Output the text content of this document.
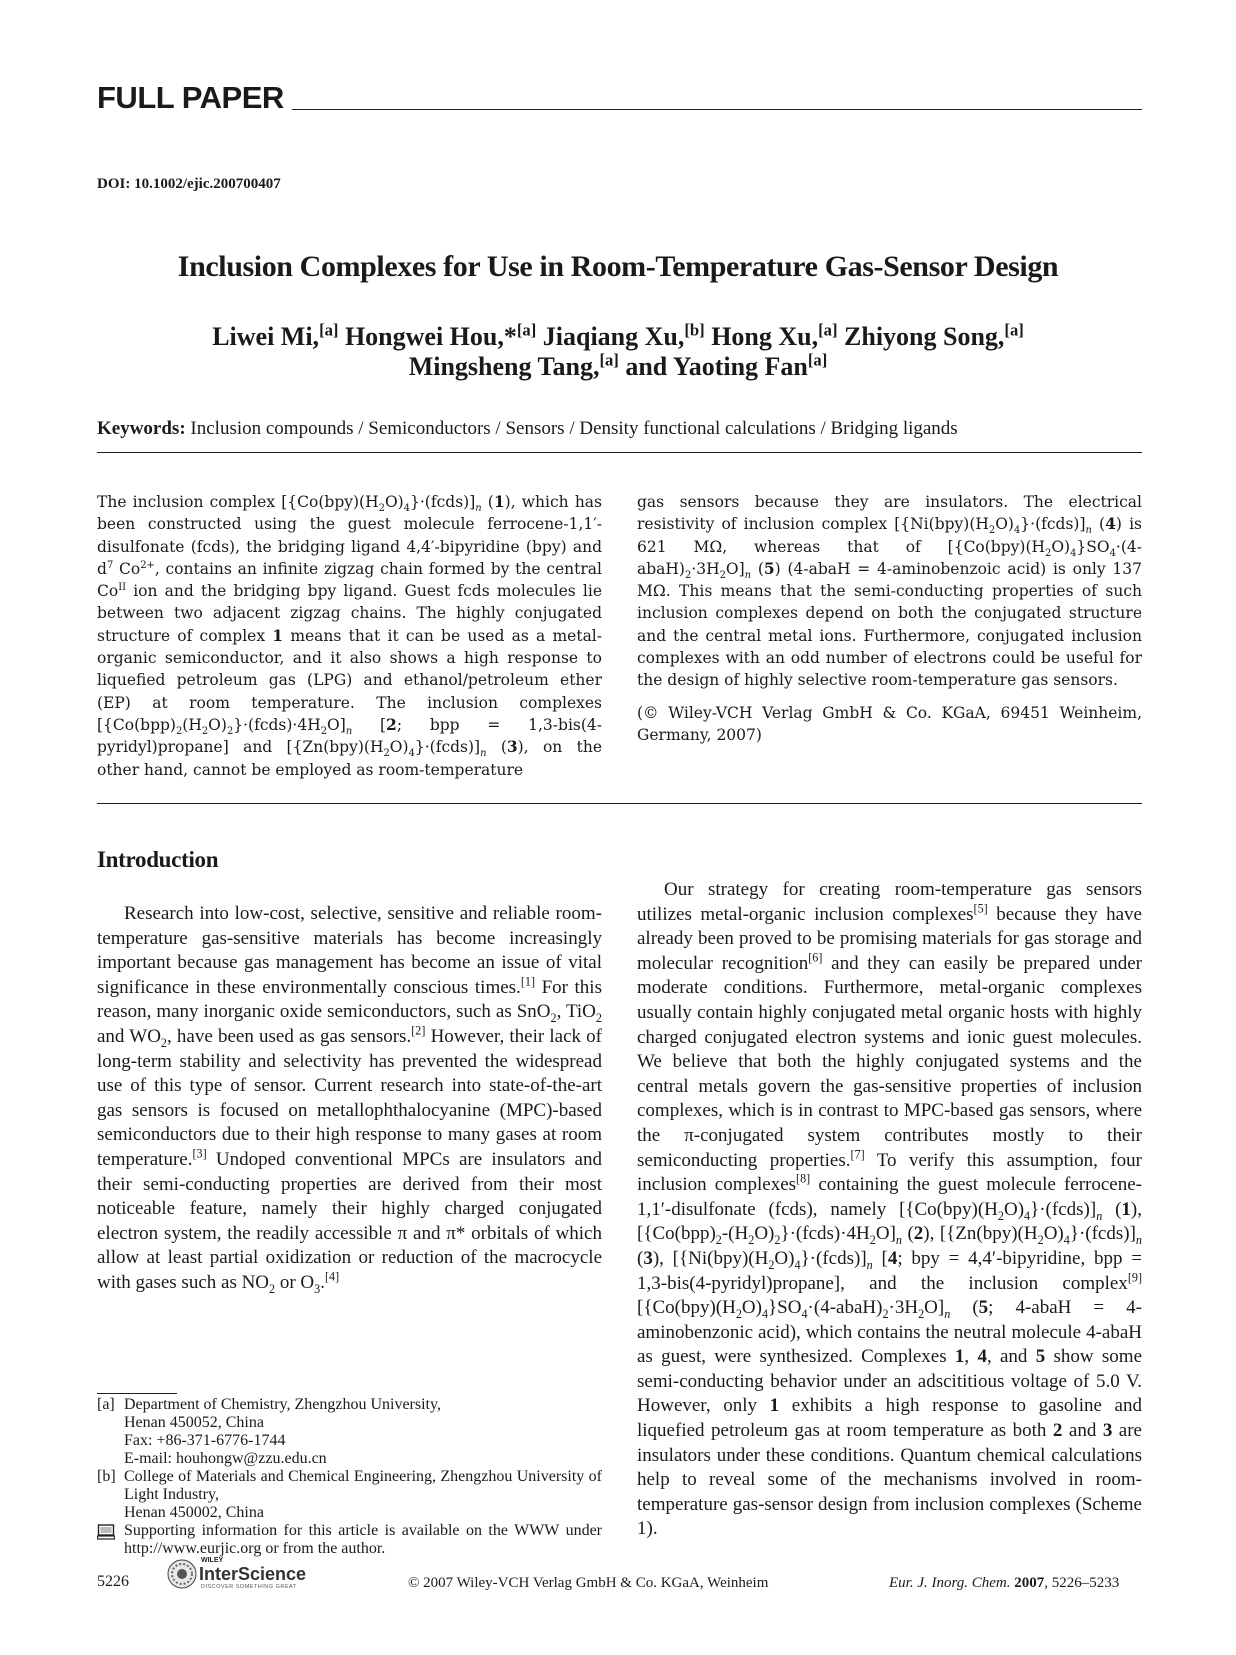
FULL PAPER
DOI: 10.1002/ejic.200700407
Inclusion Complexes for Use in Room-Temperature Gas-Sensor Design
Liwei Mi,[a] Hongwei Hou,*[a] Jiaqiang Xu,[b] Hong Xu,[a] Zhiyong Song,[a]
Mingsheng Tang,[a] and Yaoting Fan[a]
Keywords: Inclusion compounds / Semiconductors / Sensors / Density functional calculations / Bridging ligands

The inclusion complex $[\{Co(bpy)(H_2O)_4\}\cdot(fcds)]_n$ (1), which has been constructed using the guest molecule ferrocene-1,1′-disulfonate (fcds), the bridging ligand 4,4′-bipyridine (bpy) and $d^7$ $Co^{2+}$, contains an infinite zigzag chain formed by the central $Co^{II}$ ion and the bridging bpy ligand. Guest fcds molecules lie between two adjacent zigzag chains. The highly conjugated structure of complex 1 means that it can be used as a metal-organic semiconductor, and it also shows a high response to liquefied petroleum gas (LPG) and ethanol/petroleum ether (EP) at room temperature. The inclusion complexes $[\{Co(bpp)_2(H_2O)_2\}\cdot(fcds)\cdot 4H_2O]_n$ [2; bpp = 1,3-bis(4-pyridyl)propane] and $[\{Zn(bpy)(H_2O)_4\}\cdot(fcds)]_n$ (3), on the other hand, cannot be employed as room-temperature

gas sensors because they are insulators. The electrical resistivity of inclusion complex $[\{Ni(bpy)(H_2O)_4\}\cdot(fcds)]_n$ (4) is 621 MΩ, whereas that of $[\{Co(bpy)(H_2O)_4\}SO_4\cdot(4-abaH)_2\cdot 3H_2O]_n$ (5) (4-abaH = 4-aminobenzoic acid) is only 137 MΩ. This means that the semi-conducting properties of such inclusion complexes depend on both the conjugated structure and the central metal ions. Furthermore, conjugated inclusion complexes with an odd number of electrons could be useful for the design of highly selective room-temperature gas sensors.

(© Wiley-VCH Verlag GmbH & Co. KGaA, 69451 Weinheim, Germany, 2007)

Introduction

Research into low-cost, selective, sensitive and reliable room-temperature gas-sensitive materials has become increasingly important because gas management has become an issue of vital significance in these environmentally conscious times.[1] For this reason, many inorganic oxide semiconductors, such as SnO$_2$, TiO$_2$ and $WO_2$, have been used as gas sensors.[2] However, their lack of long-term stability and selectivity has prevented the widespread use of this type of sensor. Current research into state-of-the-art gas sensors is focused on metallophthalocyanine (MPC)-based semiconductors due to their high response to many gases at room temperature.[3] Undoped conventional MPCs are insulators and their semi-conducting properties are derived from their most noticeable feature, namely their highly charged conjugated electron system, the readily accessible π and π* orbitals of which allow at least partial oxidization or reduction of the macrocycle with gases such as $NO_2$ or $O_3.[4]$

Our strategy for creating room-temperature gas sensors utilizes metal-organic inclusion complexes[5] because they have already been proved to be promising materials for gas storage and molecular recognition[6] and they can easily be prepared under moderate conditions. Furthermore, metal-organic complexes usually contain highly conjugated metal organic hosts with highly charged conjugated electron systems and ionic guest molecules. We believe that both the highly conjugated systems and the central metals govern the gas-sensitive properties of inclusion complexes, which is in contrast to MPC-based gas sensors, where the π-conjugated system contributes mostly to their semiconducting properties.[7] To verify this assumption, four inclusion complexes[8] containing the guest molecule ferrocene-1,1′-disulfonate (fcds), namely $[\{Co(bpy)(H_2O)_4\}\cdot(fcds)]_n$ (1), $[\{Co(bpp)_2-(H_2O)_2\}\cdot(fcds)\cdot 4H_2O]_n$ (2), $[\{Zn(bpy)(H_2O)_4\}\cdot(fcds)]_n$ (3), $[\{Ni(bpy)(H_2O)_4\}\cdot(fcds)]_n$ [4; bpy = 4,4′-bipyridine, bpp = 1,3-bis(4-pyridyl)propane], and the inclusion complex[9] $[\{Co(bpy)(H_2O)_4\}SO_4\cdot(4-abaH)_2\cdot 3H_2O]_n$ (5; 4-abaH = 4-aminobenzonic acid), which contains the neutral molecule 4-abaH as guest, were synthesized. Complexes 1, 4, and 5 show some semi-conducting behavior under an adscititious voltage of 5.0 V. However, only 1 exhibits a high response to gasoline and liquefied petroleum gas at room temperature as both 2 and 3 are insulators under these conditions. Quantum chemical calculations help to reveal some of the mechanisms involved in room-temperature gas-sensor design from inclusion complexes (Scheme 1).

[a] Department of Chemistry, Zhengzhou University,
Henan 450052, China
Fax: +86-371-6776-1744
E-mail: houhongw@zzu.edu.cn
[b] College of Materials and Chemical Engineering, Zhengzhou University of Light Industry,
Henan 450002, China
Supporting information for this article is available on the WWW under http://www.eurjic.org or from the author.
5226
WILEY
InterScience
DISCOVER SOMETHING GREAT	© 2007 Wiley-VCH Verlag GmbH & Co. KGaA, Weinheim	Eur. J. Inorg. Chem. 2007, 5226–5233
